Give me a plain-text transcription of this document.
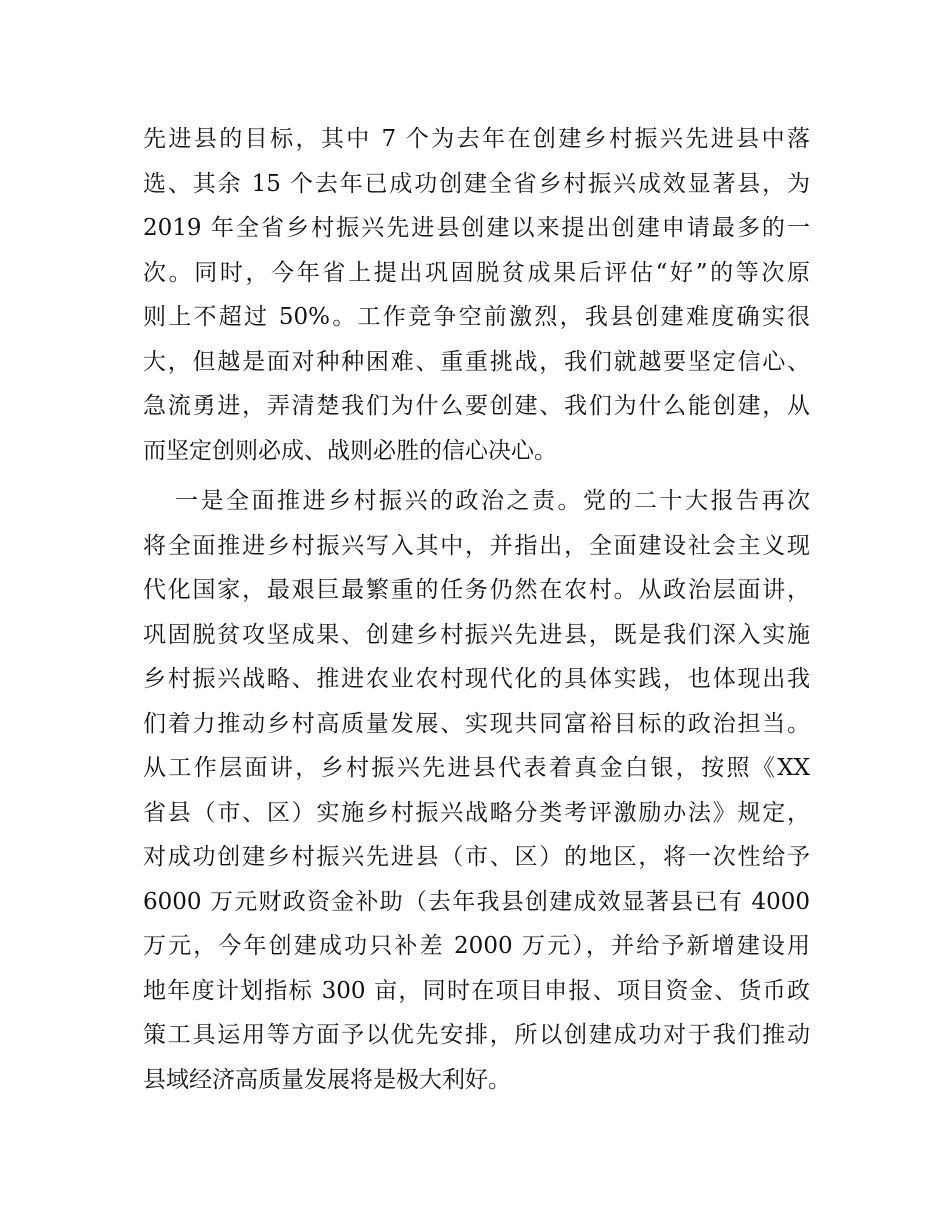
先进县的目标，其中 7 个为去年在创建乡村振兴先进县中落
选、其余 15 个去年已成功创建全省乡村振兴成效显著县，为
2019 年全省乡村振兴先进县创建以来提出创建申请最多的一
次。同时，今年省上提出巩固脱贫成果后评估“好”的等次原
则上不超过 50%。工作竞争空前激烈，我县创建难度确实很
大，但越是面对种种困难、重重挑战，我们就越要坚定信心、
急流勇进，弄清楚我们为什么要创建、我们为什么能创建，从
而坚定创则必成、战则必胜的信心决心。
一是全面推进乡村振兴的政治之责。党的二十大报告再次
将全面推进乡村振兴写入其中，并指出，全面建设社会主义现
代化国家，最艰巨最繁重的任务仍然在农村。从政治层面讲，
巩固脱贫攻坚成果、创建乡村振兴先进县，既是我们深入实施
乡村振兴战略、推进农业农村现代化的具体实践，也体现出我
们着力推动乡村高质量发展、实现共同富裕目标的政治担当。
从工作层面讲，乡村振兴先进县代表着真金白银，按照《XX
省县（市、区）实施乡村振兴战略分类考评激励办法》规定，
对成功创建乡村振兴先进县（市、区）的地区，将一次性给予
6000 万元财政资金补助（去年我县创建成效显著县已有 4000
万元，今年创建成功只补差 2000 万元），并给予新增建设用
地年度计划指标 300 亩，同时在项目申报、项目资金、货币政
策工具运用等方面予以优先安排，所以创建成功对于我们推动
县域经济高质量发展将是极大利好。
